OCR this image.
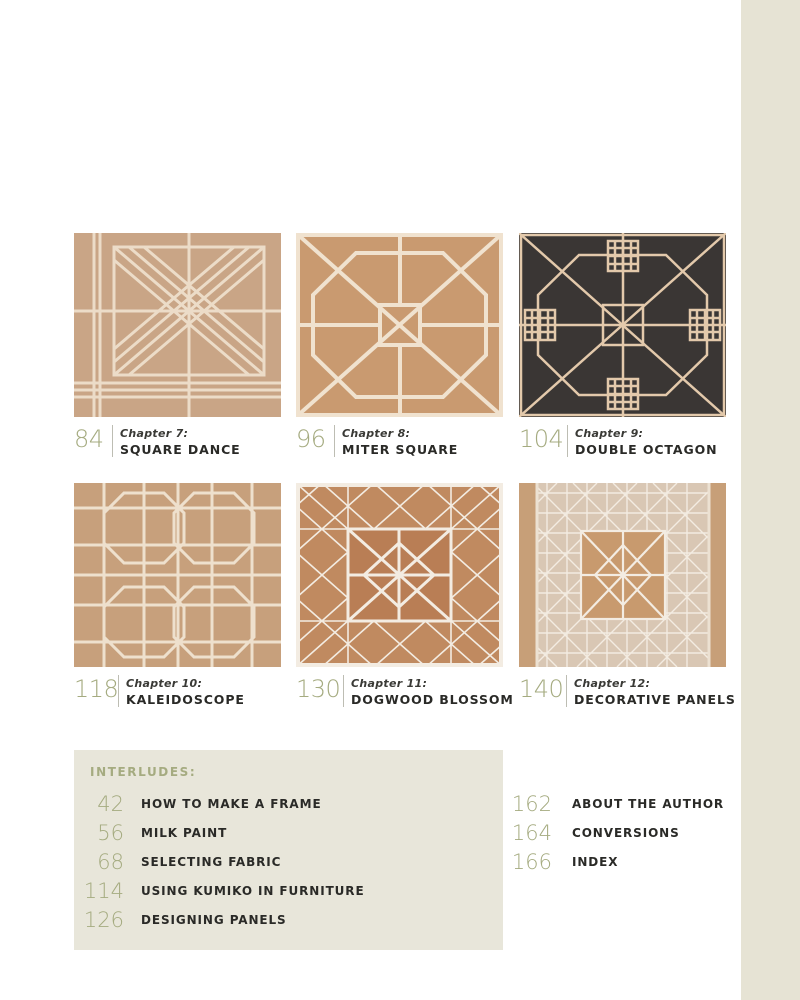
84 Chapter 7:
SQUARE DANCE 96 Chapter 8:
MITER SQUARE	104 Chapter 9:
DOUBLE OCTAGON
118 Chapter 10:
KALEIDOSCOPE 130 Chapter 11:
DOGWOOD BLOSSOM 140 Chapter 12:
DECORATIVE PANELS
INTERLUDES:
42 HOW TO MAKE A FRAME
56 MILK PAINT
68 SELECTING FABRIC
114 USING KUMIKO IN FURNITURE
126 DESIGNING PANELS
162 ABOUT THE AUTHOR
164 CONVERSIONS
166 INDEX
